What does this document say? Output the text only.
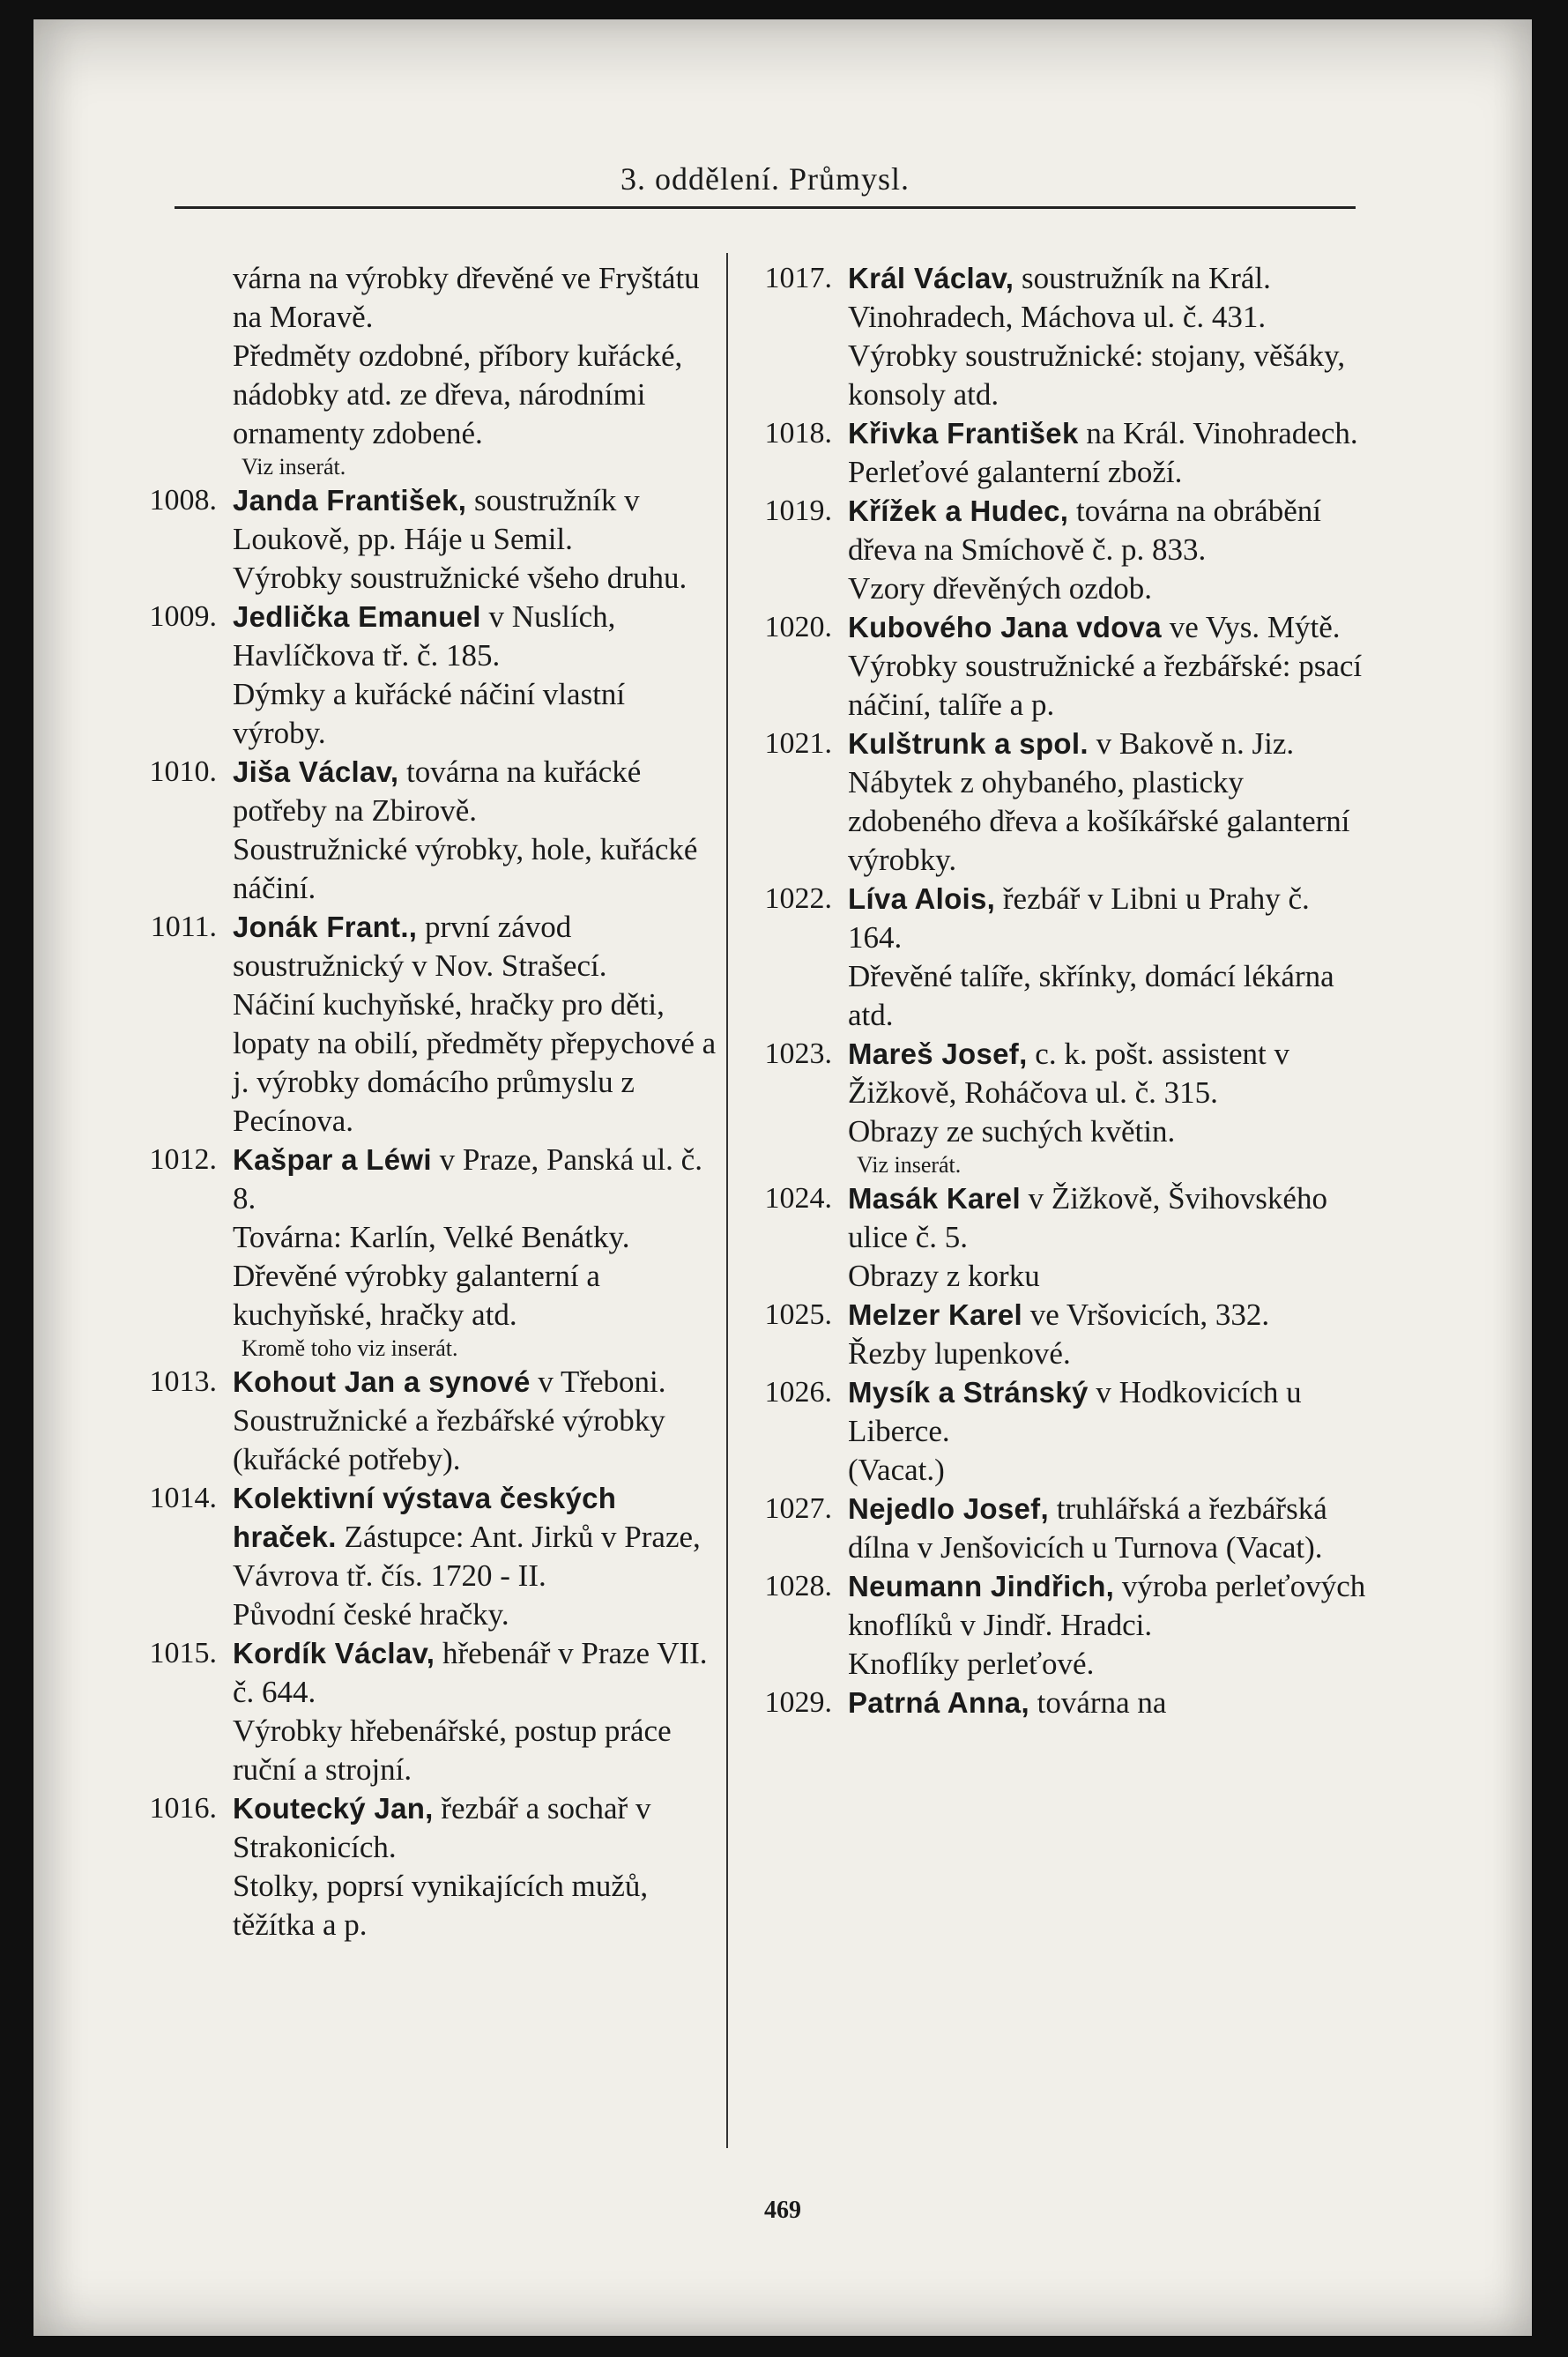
3. oddělení. Průmysl.
várna na výrobky dřevěné ve Fryštátu na Moravě.
Předměty ozdobné, příbory kuřácké, nádobky atd. ze dřeva, národními ornamenty zdobené.
Viz inserát.
1008. Janda František, soustružník v Loukově, pp. Háje u Semil.
Výrobky soustružnické všeho druhu.
1009. Jedlička Emanuel v Nuslích, Havlíčkova tř. č. 185.
Dýmky a kuřácké náčiní vlastní výroby.
1010. Jiša Václav, továrna na kuřácké potřeby na Zbirově.
Soustružnické výrobky, hole, kuřácké náčiní.
1011. Jonák Frant., první závod soustružnický v Nov. Strašecí.
Náčiní kuchyňské, hračky pro děti, lopaty na obilí, předměty přepychové a j. výrobky domácího průmyslu z Pecínova.
1012. Kašpar a Léwi v Praze, Panská ul. č. 8.
Továrna: Karlín, Velké Benátky. Dřevěné výrobky galanterní a kuchyňské, hračky atd.
Kromě toho viz inserát.
1013. Kohout Jan a synové v Třeboni.
Soustružnické a řezbářské výrobky (kuřácké potřeby).
1014. Kolektivní výstava českých hraček. Zástupce: Ant. Jirků v Praze, Vávrova tř. čís. 1720 - II.
Původní české hračky.
1015. Kordík Václav, hřebenář v Praze VII. č. 644.
Výrobky hřebenářské, postup práce ruční a strojní.
1016. Koutecký Jan, řezbář a sochař v Strakonicích.
Stolky, poprsí vynikajících mužů, těžítka a p.
1017. Král Václav, soustružník na Král. Vinohradech, Máchova ul. č. 431.
Výrobky soustružnické: stojany, věšáky, konsoly atd.
1018. Křivka František na Král. Vinohradech.
Perleťové galanterní zboží.
1019. Křížek a Hudec, továrna na obrábění dřeva na Smíchově č. p. 833.
Vzory dřevěných ozdob.
1020. Kubového Jana vdova ve Vys. Mýtě.
Výrobky soustružnické a řezbářské: psací náčiní, talíře a p.
1021. Kulštrunk a spol. v Bakově n. Jiz.
Nábytek z ohybaného, plasticky zdobeného dřeva a košíkářské galanterní výrobky.
1022. Líva Alois, řezbář v Libni u Prahy č. 164.
Dřevěné talíře, skřínky, domácí lékárna atd.
1023. Mareš Josef, c. k. pošt. assistent v Žižkově, Roháčova ul. č. 315.
Obrazy ze suchých květin.
Viz inserát.
1024. Masák Karel v Žižkově, Švihovského ulice č. 5.
Obrazy z korku
1025. Melzer Karel ve Vršovicích, 332.
Řezby lupenkové.
1026. Mysík a Stránský v Hodkovicích u Liberce.
(Vacat.)
1027. Nejedlo Josef, truhlářská a řezbářská dílna v Jenšovicích u Turnova (Vacat).
1028. Neumann Jindřich, výroba perleťových knoflíků v Jindř. Hradci.
Knoflíky perleťové.
1029. Patrná Anna, továrna na
469
